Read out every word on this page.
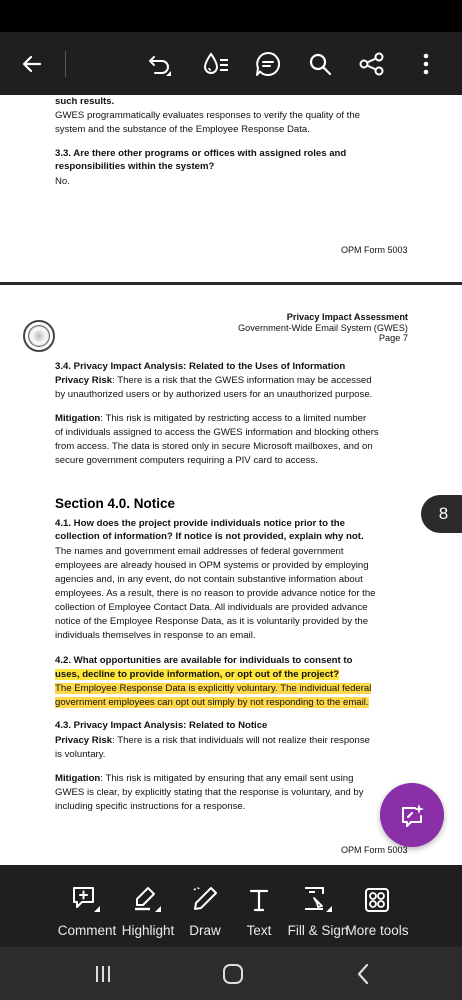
such results.
GWES programmatically evaluates responses to verify the quality of the
system and the substance of the Employee Response Data.
3.3. Are there other programs or offices with assigned roles and
responsibilities within the system?
No.
OPM Form 5003
Privacy Impact Assessment
Government-Wide Email System (GWES)
Page 7
3.4. Privacy Impact Analysis: Related to the Uses of Information
Privacy Risk: There is a risk that the GWES information may be accessed
by unauthorized users or by authorized users for an unauthorized purpose.
Mitigation: This risk is mitigated by restricting access to a limited number
of individuals assigned to access the GWES information and blocking others
from access. The data is stored only in secure Microsoft mailboxes, and on
secure government computers requiring a PIV card to access.
Section 4.0. Notice
4.1. How does the project provide individuals notice prior to the
collection of information? If notice is not provided, explain why not.
The names and government email addresses of federal government
employees are already housed in OPM systems or provided by employing
agencies and, in any event, do not contain substantive information about
employees. As a result, there is no reason to provide advance notice for the
collection of Employee Contact Data. All individuals are provided advance
notice of the Employee Response Data, as it is voluntarily provided by the
individuals themselves in response to an email.
4.2. What opportunities are available for individuals to consent to
uses, decline to provide information, or opt out of the project?
The Employee Response Data is explicitly voluntary. The individual federal
government employees can opt out simply by not responding to the email.
4.3. Privacy Impact Analysis: Related to Notice
Privacy Risk: There is a risk that individuals will not realize their response
is voluntary.
Mitigation: This risk is mitigated by ensuring that any email sent using
GWES is clear, by explicitly stating that the response is voluntary, and by
including specific instructions for a response.
OPM Form 5003
8
Comment Highlight Draw Text Fill & Sign
More tools
